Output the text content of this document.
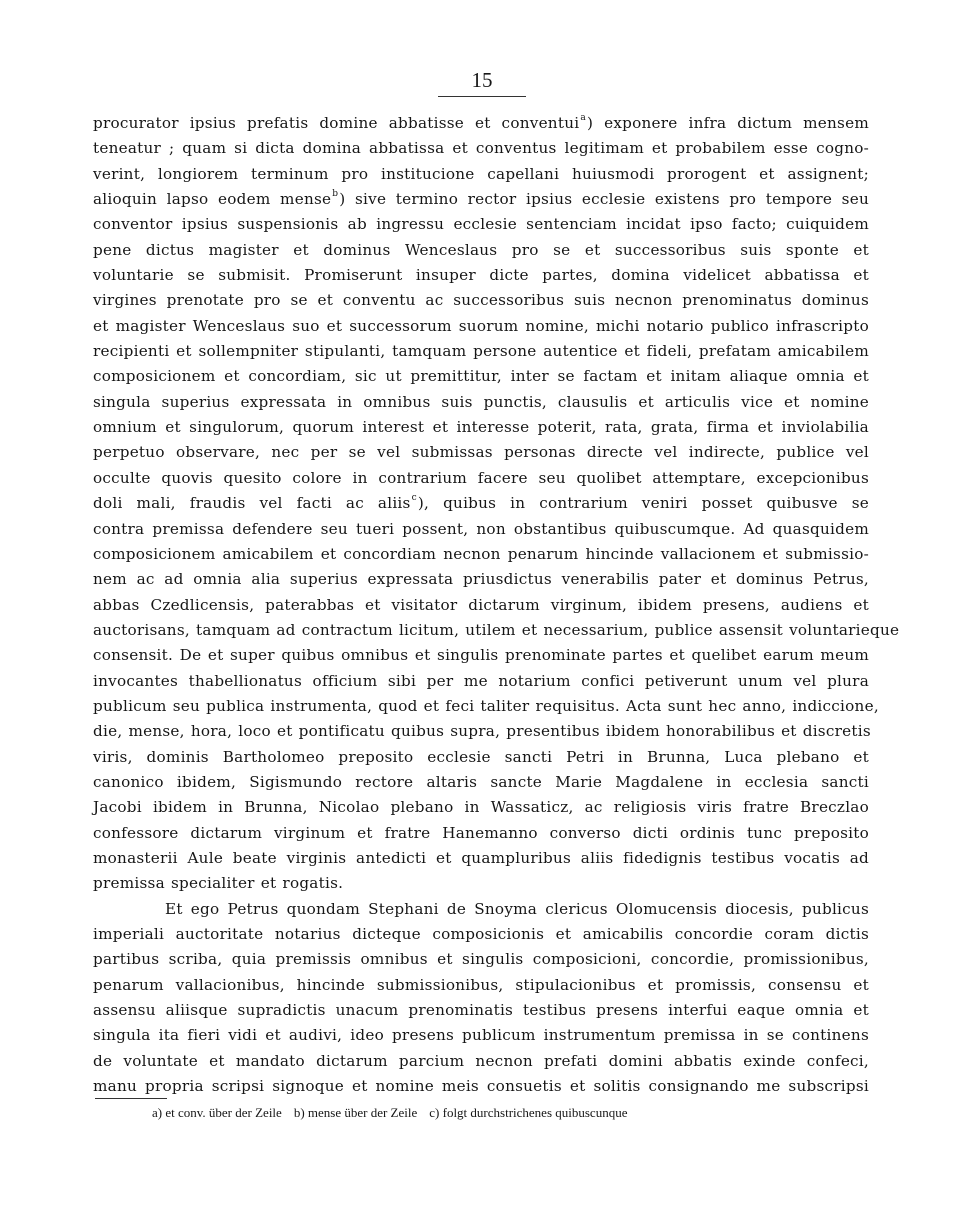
15
procurator ipsius prefatis domine abbatisse et conventui$^a$) exponere infra dictum mensem
teneatur ; quam si dicta domina abbatissa et conventus legitimam et probabilem esse cogno-
verint, longiorem terminum pro institucione capellani huiusmodi prorogent et assignent;
alioquin lapso eodem mense$^b$) sive termino rector ipsius ecclesie existens pro tempore seu
conventor ipsius suspensionis ab ingressu ecclesie sentenciam incidat ipso facto; cuiquidem
pene dictus magister et dominus Wenceslaus pro se et successoribus suis sponte et
voluntarie se submisit. Promiserunt insuper dicte partes, domina videlicet abbatissa et
virgines prenotate pro se et conventu ac successoribus suis necnon prenominatus dominus
et magister Wenceslaus suo et successorum suorum nomine, michi notario publico infrascripto
recipienti et sollempniter stipulanti, tamquam persone autentice et fideli, prefatam amicabilem
composicionem et concordiam, sic ut premittitur, inter se factam et initam aliaque omnia et
singula superius expressata in omnibus suis punctis, clausulis et articulis vice et nomine
omnium et singulorum, quorum interest et interesse poterit, rata, grata, firma et inviolabilia
perpetuo observare, nec per se vel submissas personas directe vel indirecte, publice vel
occulte quovis quesito colore in contrarium facere seu quolibet attemptare, excepcionibus
doli mali, fraudis vel facti ac aliis$^c$), quibus in contrarium veniri posset quibusve se
contra premissa defendere seu tueri possent, non obstantibus quibuscumque. Ad quasquidem
composicionem amicabilem et concordiam necnon penarum hincinde vallacionem et submissio-
nem ac ad omnia alia superius expressata priusdictus venerabilis pater et dominus Petrus,
abbas Czedlicensis, paterabbas et visitator dictarum virginum, ibidem presens, audiens et
auctorisans, tamquam ad contractum licitum, utilem et necessarium, publice assensit voluntarieque
consensit. De et super quibus omnibus et singulis prenominate partes et quelibet earum meum
invocantes thabellionatus officium sibi per me notarium confici petiverunt unum vel plura
publicum seu publica instrumenta, quod et feci taliter requisitus. Acta sunt hec anno, indiccione,
die, mense, hora, loco et pontificatu quibus supra, presentibus ibidem honorabilibus et discretis
viris, dominis Bartholomeo preposito ecclesie sancti Petri in Brunna, Luca plebano et
canonico ibidem, Sigismundo rectore altaris sancte Marie Magdalene in ecclesia sancti
Jacobi ibidem in Brunna, Nicolao plebano in Wassaticz, ac religiosis viris fratre Breczlao
confessore dictarum virginum et fratre Hanemanno converso dicti ordinis tunc preposito
monasterii Aule beate virginis antedicti et quampluribus aliis fidedignis testibus vocatis ad
premissa specialiter et rogatis.
Et ego Petrus quondam Stephani de Snoyma clericus Olomucensis diocesis, publicus
imperiali auctoritate notarius dicteque composicionis et amicabilis concordie coram dictis
partibus scriba, quia premissis omnibus et singulis composicioni, concordie, promissionibus,
penarum vallacionibus, hincinde submissionibus, stipulacionibus et promissis, consensu et
assensu aliisque supradictis unacum prenominatis testibus presens interfui eaque omnia et
singula ita fieri vidi et audivi, ideo presens publicum instrumentum premissa in se continens
de voluntate et mandato dictarum parcium necnon prefati domini abbatis exinde confeci,
manu propria scripsi signoque et nomine meis consuetis et solitis consignando me subscripsi
a) et conv. über der Zeile b) mense über der Zeile c) folgt durchstrichenes quibuscunque
